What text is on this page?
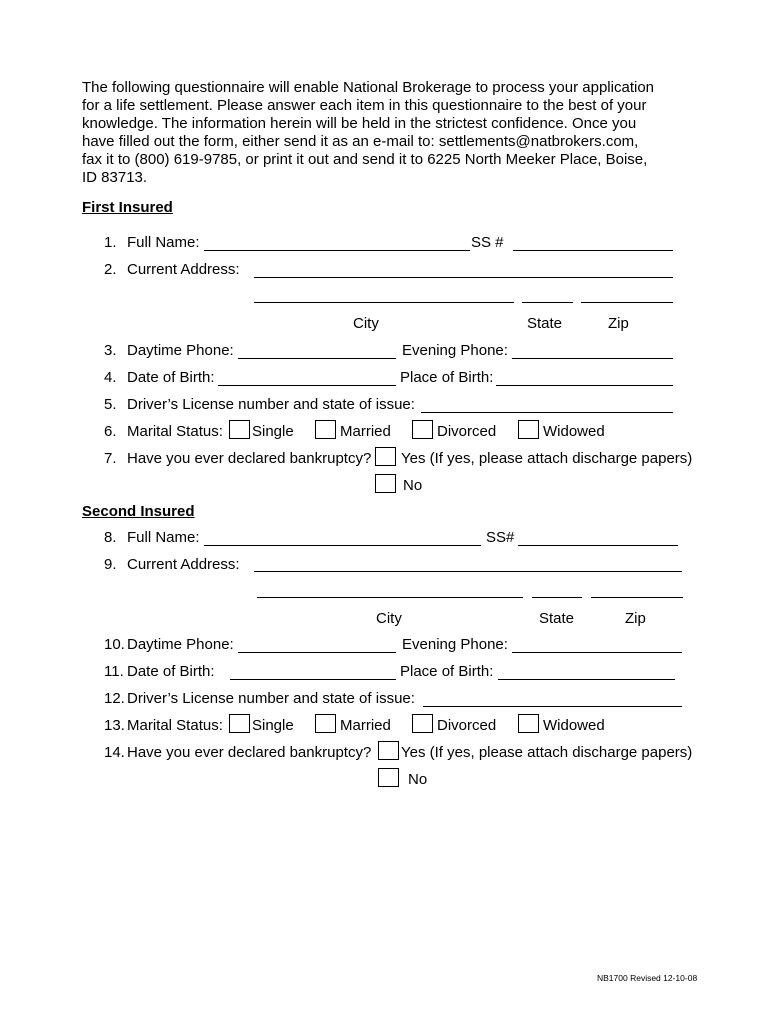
The following questionnaire will enable National Brokerage to process your application
for a life settlement. Please answer each item in this questionnaire to the best of your
knowledge. The information herein will be held in the strictest confidence. Once you
have filled out the form, either send it as an e-mail to: settlements@natbrokers.com,
fax it to (800) 619-9785, or print it out and send it to 6225 North Meeker Place, Boise,
ID 83713.
First Insured
1. Full Name:	SS #
2. Current Address:
City	State	Zip
3. Daytime Phone:	Evening Phone:
4. Date of Birth:	Place of Birth:
5. Driver’s License number and state of issue:
6. Marital Status: Single	Married	Divorced	Widowed
7. Have you ever declared bankruptcy? Yes (If yes, please attach discharge papers)
No
Second Insured
8. Full Name:	SS#
9. Current Address:
City	State	Zip
10. Daytime Phone:	Evening Phone:
11. Date of Birth:	Place of Birth:
12. Driver’s License number and state of issue:
13. Marital Status: Single	Married	Divorced	Widowed
14. Have you ever declared bankruptcy? Yes (If yes, please attach discharge papers)
No
NB1700 Revised 12-10-08
